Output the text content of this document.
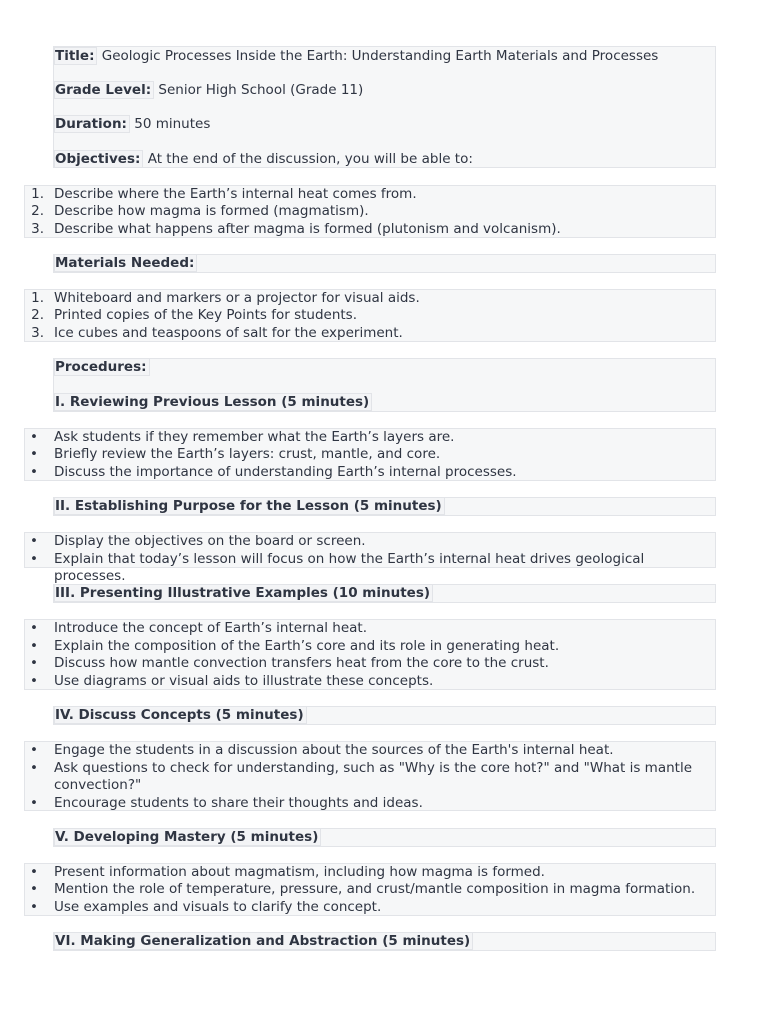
Title: Geologic Processes Inside the Earth: Understanding Earth Materials and Processes
Grade Level: Senior High School (Grade 11)
Duration: 50 minutes
Objectives: At the end of the discussion, you will be able to:
1. Describe where the Earth’s internal heat comes from.
2. Describe how magma is formed (magmatism).
3. Describe what happens after magma is formed (plutonism and volcanism).
Materials Needed:
1. Whiteboard and markers or a projector for visual aids.
2. Printed copies of the Key Points for students.
3. Ice cubes and teaspoons of salt for the experiment.
Procedures:
I. Reviewing Previous Lesson (5 minutes)
• Ask students if they remember what the Earth’s layers are.
• Briefly review the Earth’s layers: crust, mantle, and core.
• Discuss the importance of understanding Earth’s internal processes.
II. Establishing Purpose for the Lesson (5 minutes)
• Display the objectives on the board or screen.
• Explain that today’s lesson will focus on how the Earth’s internal heat drives geological processes.
III. Presenting Illustrative Examples (10 minutes)
• Introduce the concept of Earth’s internal heat.
• Explain the composition of the Earth’s core and its role in generating heat.
• Discuss how mantle convection transfers heat from the core to the crust.
• Use diagrams or visual aids to illustrate these concepts.
IV. Discuss Concepts (5 minutes)
• Engage the students in a discussion about the sources of the Earth's internal heat.
• Ask questions to check for understanding, such as "Why is the core hot?" and "What is mantle
convection?"
• Encourage students to share their thoughts and ideas.
V. Developing Mastery (5 minutes)
• Present information about magmatism, including how magma is formed.
• Mention the role of temperature, pressure, and crust/mantle composition in magma formation.
• Use examples and visuals to clarify the concept.
VI. Making Generalization and Abstraction (5 minutes)
